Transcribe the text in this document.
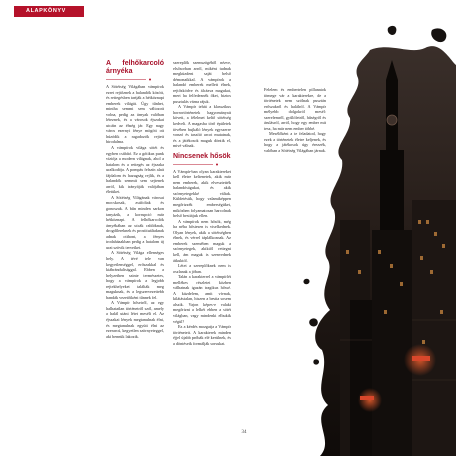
ALAPKÖNYV
A felhőkarcoló árnyéka

A Sötétség Világában vámpírok ezrei rejtőznek a halandók között, és rettegésben tartják a hétköznapi emberek világát. Úgy tűnhet, mintha semmi sem változott volna, pedig az árnyak valóban léteznek, és a városok éjszakai utcáin az éhség jár. Egy nagy város ezernyi fénye mögött ott húzódik a ragadozók rejtett birodalma.

A vámpírok világa sötét és egyben csábító. Ez a gótikus punk víziója a modern világnak, ahol a hatalom és a rettegés az éjszaka uralkodója. A pompás felszín alatt fájdalom és hazugság rejlik, és a halandók semmit sem sejtenek arról, kik irányítják valójában életüket.

A Sötétség Világának városai mocskosak, zsúfoltak és gonoszak. A bűn minden sarkon tanyázik, a korrupció már hétköznapi. A felhőkarcolók árnyékában az utcák rablóknak, drogdílereknek és prostituáltaknak adnak otthont, a fényes irodaházakban pedig a hatalom új urai szövik terveiket.

A Sötétség Világa ellenséges hely. A tévé tele van kegyetlenséggel, erőszakkal és kiábrándultsággal. Ebben a helyzetben szinte természetes, hogy a vámpírok a legjobb rejtekhelyeket találták meg maguknak, és a legszervezettebb bandák vezetőiként tűnnek fel.

A Vámpír hőseiről, az egy halhatatlan történetről szól, amely a halál utáni létet meséli el. Az éjszakai lények megtanulnak élni, és megtanulnak együtt élni az ezerarcú, kegyetlen szörnyeteggel, aki bennük lakozik.

szereplők szemszögéből nézve, elsősorban arról, miként tudnak megküzdeni saját belső démonaikkal. A vámpírok a halandó emberek mellett élnek, rejtőzködve és álcázva magukat, mert ha felfedeznék őket, biztos pusztulás várna rájuk.

A Vámpír tehát a klasszikus horrortörténetek hagyományait követi, a félelmet keltő sötétség kedveli. A magasba törő épületek tövében bujkáló lények egyszerre vonzó és taszító arcot mutatnak, és a játékosok maguk döntik el, mivé válnak.

Nincsenek hősök

A Vámpír-ban olyan karaktereket kell életre keltenetek, akik már nem emberek, akik elvesztették halandóságukat, és akik szörnyetegekké váltak. Küldetésük, hogy valamiképpen megőrizzék emberségüket, miközben folyamatosan harcolnak belső bestiájuk ellen.

A vámpírok nem hősök, még ha néha hősiesen is viselkednek. Olyan lények, akik a sötétségben élnek, és vérrel táplálkoznak. Az emberek szemében maguk a szörnyetegek, akiktől rettegni kell, ám maguk is szenvednek átkuktól.

Létet a szereplőknek nem is oszlanak a jóban.

Talán a karakterrel a vámpírlét mellékes részletei közben válhatnak igazán tragikus hőssé. A küzdelem, amit vívnak, kilátástalan, hiszen a bestia sosem alszik. Vajon képes-e valaki megőrizni a lelkét ebben a sötét világban, vagy mindenki elbukik végül?

Ez a kérdés mozgatja a Vámpír történeteit. A karakterek minden éjjel újabb próbák elé kerülnek, és a döntéseik formálják sorsukat.

Felelem és embertelen pillanatok tömege vár a karakterekre, de a történetek nem szólnak pusztán erőszakról és halálról. A Vámpír mélyebb dolgokról mesél: szerelemről, gyűlöletről, hűségről és árulásról, arról, hogy egy ember mit tesz, ha már nem ember többé.

Mesélőként a te feladatod, hogy ezek a történetek életre keljenek, és hogy a játékosok úgy érezzék, valóban a Sötétség Világában járnak.

34
